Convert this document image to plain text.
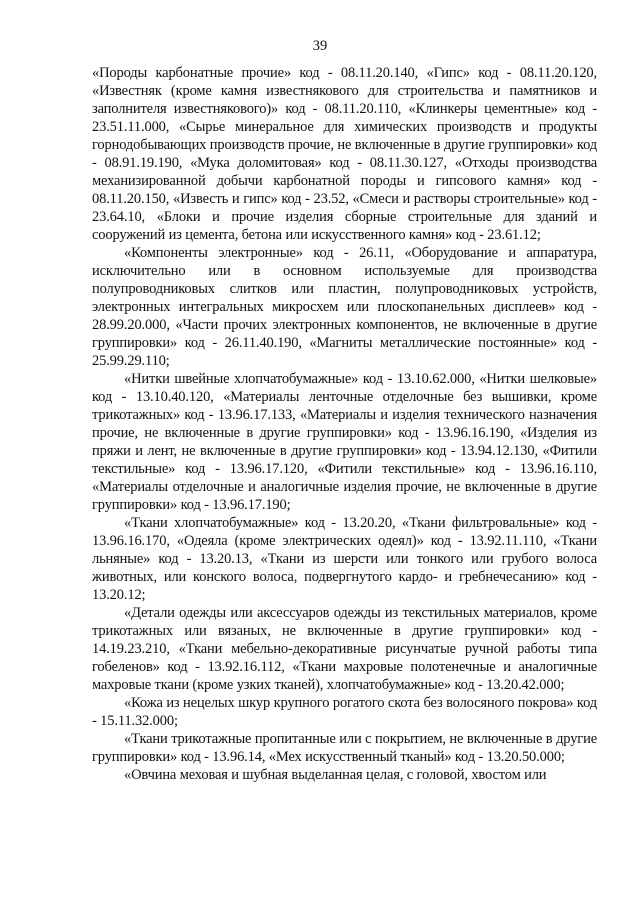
39

«Породы карбонатные прочие» код - 08.11.20.140, «Гипс» код - 08.11.20.120, «Известняк (кроме камня известнякового для строительства и памятников и заполнителя известнякового)» код - 08.11.20.110, «Клинкеры цементные» код - 23.51.11.000, «Сырье минеральное для химических производств и продукты горнодобывающих производств прочие, не включенные в другие группировки» код - 08.91.19.190, «Мука доломитовая» код - 08.11.30.127, «Отходы производства механизированной добычи карбонатной породы и гипсового камня» код - 08.11.20.150, «Известь и гипс» код - 23.52, «Смеси и растворы строительные» код - 23.64.10, «Блоки и прочие изделия сборные строительные для зданий и сооружений из цемента, бетона или искусственного камня» код - 23.61.12;

«Компоненты электронные» код - 26.11, «Оборудование и аппаратура, исключительно или в основном используемые для производства полупроводниковых слитков или пластин, полупроводниковых устройств, электронных интегральных микросхем или плоскопанельных дисплеев» код - 28.99.20.000, «Части прочих электронных компонентов, не включенные в другие группировки» код - 26.11.40.190, «Магниты металлические постоянные» код - 25.99.29.110;

«Нитки швейные хлопчатобумажные» код - 13.10.62.000, «Нитки шелковые» код - 13.10.40.120, «Материалы ленточные отделочные без вышивки, кроме трикотажных» код - 13.96.17.133, «Материалы и изделия технического назначения прочие, не включенные в другие группировки» код - 13.96.16.190, «Изделия из пряжи и лент, не включенные в другие группировки» код - 13.94.12.130, «Фитили текстильные» код - 13.96.17.120, «Фитили текстильные» код - 13.96.16.110, «Материалы отделочные и аналогичные изделия прочие, не включенные в другие группировки» код - 13.96.17.190;

«Ткани хлопчатобумажные» код - 13.20.20, «Ткани фильтровальные» код - 13.96.16.170, «Одеяла (кроме электрических одеял)» код - 13.92.11.110, «Ткани льняные» код - 13.20.13, «Ткани из шерсти или тонкого или грубого волоса животных, или конского волоса, подвергнутого кардо- и гребнечесанию» код - 13.20.12;

«Детали одежды или аксессуаров одежды из текстильных материалов, кроме трикотажных или вязаных, не включенные в другие группировки» код - 14.19.23.210, «Ткани мебельно-декоративные рисунчатые ручной работы типа гобеленов» код - 13.92.16.112, «Ткани махровые полотенечные и аналогичные махровые ткани (кроме узких тканей), хлопчатобумажные» код - 13.20.42.000;

«Кожа из нецелых шкур крупного рогатого скота без волосяного покрова» код - 15.11.32.000;

«Ткани трикотажные пропитанные или с покрытием, не включенные в другие группировки» код - 13.96.14, «Мех искусственный тканый» код - 13.20.50.000;

«Овчина меховая и шубная выделанная целая, с головой, хвостом или
